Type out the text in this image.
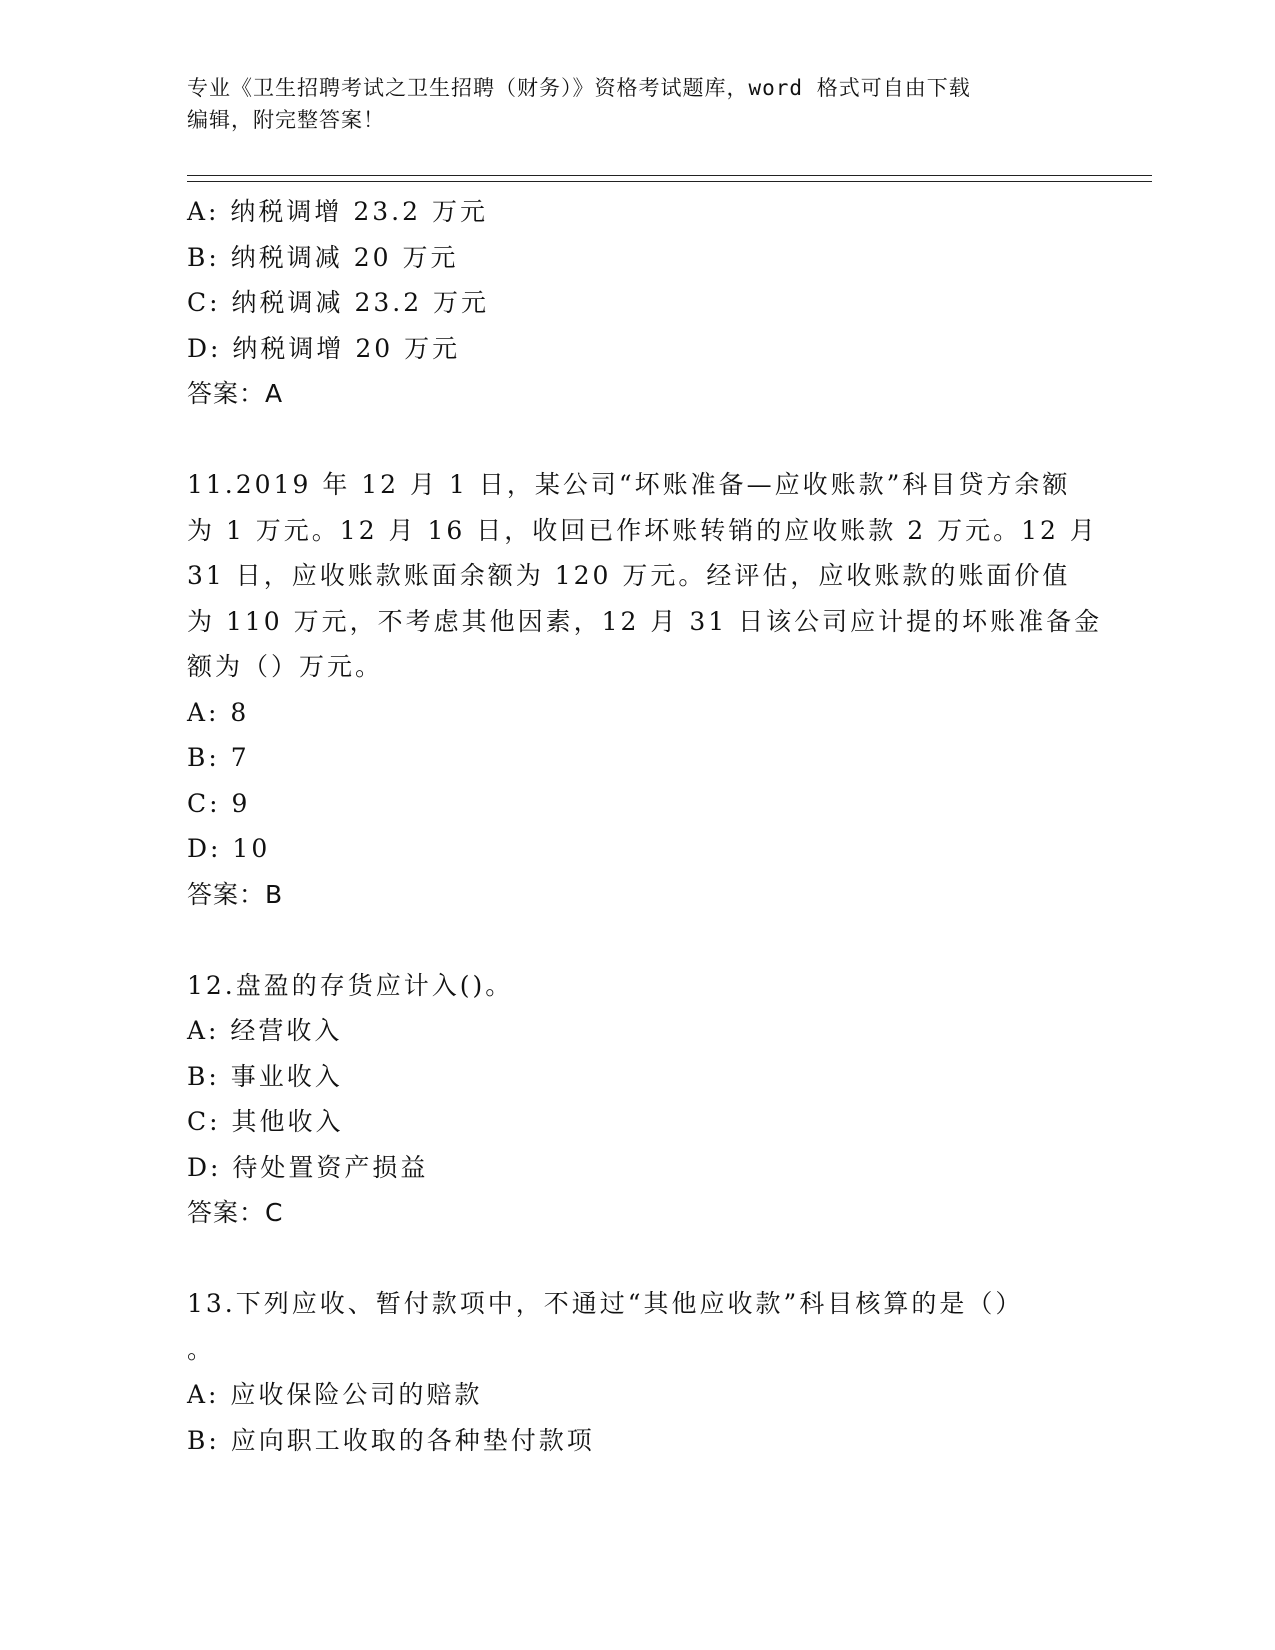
专业《卫生招聘考试之卫生招聘（财务）》资格考试题库，word 格式可自由下载
编辑，附完整答案！
A: 纳税调增 23.2 万元
B: 纳税调减 20 万元
C: 纳税调减 23.2 万元
D: 纳税调增 20 万元
答案：A
11.2019 年 12 月 1 日，某公司“坏账准备—应收账款”科目贷方余额
为 1 万元。12 月 16 日，收回已作坏账转销的应收账款 2 万元。12 月
31 日，应收账款账面余额为 120 万元。经评估，应收账款的账面价值
为 110 万元，不考虑其他因素，12 月 31 日该公司应计提的坏账准备金
额为（）万元。
A: 8
B: 7
C: 9
D: 10
答案：B
12.盘盈的存货应计入()。
A: 经营收入
B: 事业收入
C: 其他收入
D: 待处置资产损益
答案：C
13.下列应收、暂付款项中，不通过“其他应收款”科目核算的是（）
。
A: 应收保险公司的赔款
B: 应向职工收取的各种垫付款项
